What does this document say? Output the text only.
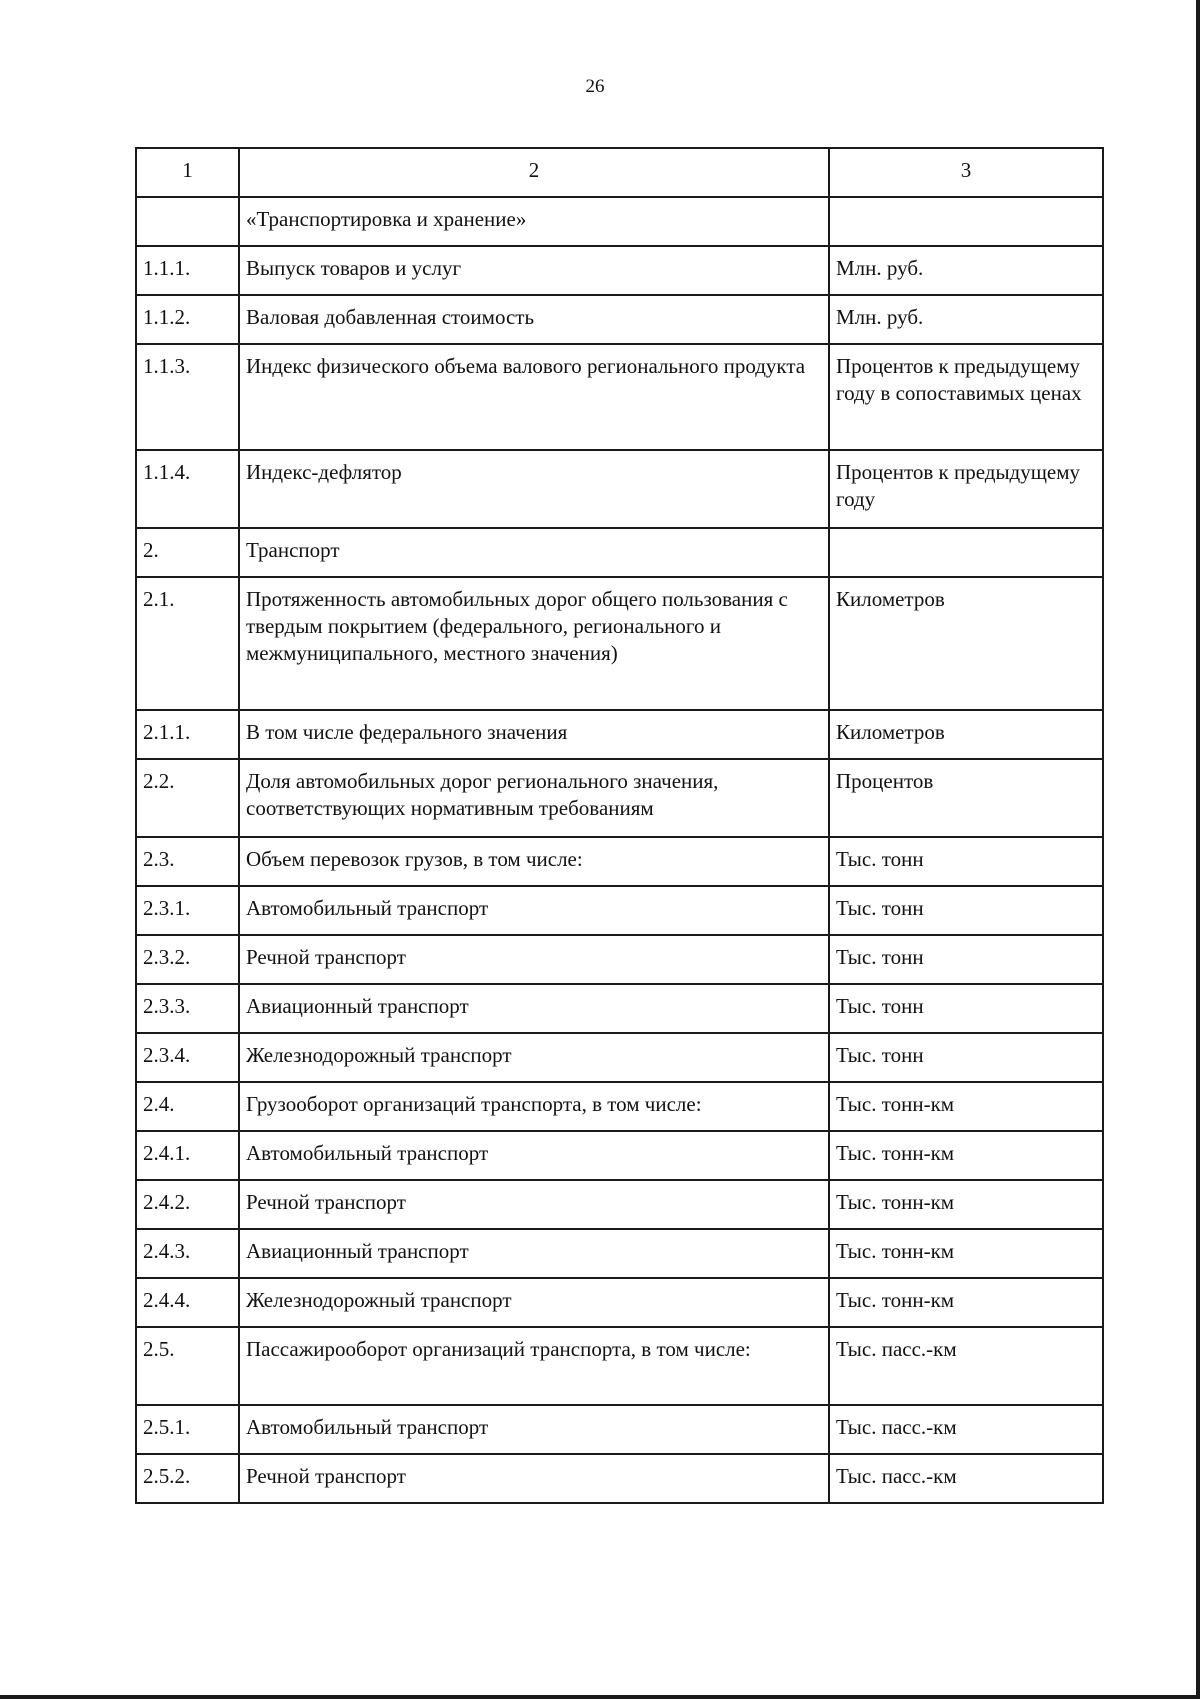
26
1	2	3
	«Транспортировка и хранение»	
1.1.1.	Выпуск товаров и услуг	Млн. руб.
1.1.2.	Валовая добавленная стоимость	Млн. руб.
1.1.3.	Индекс физического объема валового регионального продукта	Процентов к предыдущему году в сопоставимых ценах
1.1.4.	Индекс-дефлятор	Процентов к предыдущему году
2.	Транспорт	
2.1.	Протяженность автомобильных дорог общего пользования с твердым покрытием (федерального, регионального и межмуниципального, местного значения)	Километров
2.1.1.	В том числе федерального значения	Километров
2.2.	Доля автомобильных дорог регионального значения, соответствующих нормативным требованиям	Процентов
2.3.	Объем перевозок грузов, в том числе:	Тыс. тонн
2.3.1.	Автомобильный транспорт	Тыс. тонн
2.3.2.	Речной транспорт	Тыс. тонн
2.3.3.	Авиационный транспорт	Тыс. тонн
2.3.4.	Железнодорожный транспорт	Тыс. тонн
2.4.	Грузооборот организаций транспорта, в том числе:	Тыс. тонн-км
2.4.1.	Автомобильный транспорт	Тыс. тонн-км
2.4.2.	Речной транспорт	Тыс. тонн-км
2.4.3.	Авиационный транспорт	Тыс. тонн-км
2.4.4.	Железнодорожный транспорт	Тыс. тонн-км
2.5.	Пассажирооборот организаций транспорта, в том числе:	Тыс. пасс.-км
2.5.1.	Автомобильный транспорт	Тыс. пасс.-км
2.5.2.	Речной транспорт	Тыс. пасс.-км
